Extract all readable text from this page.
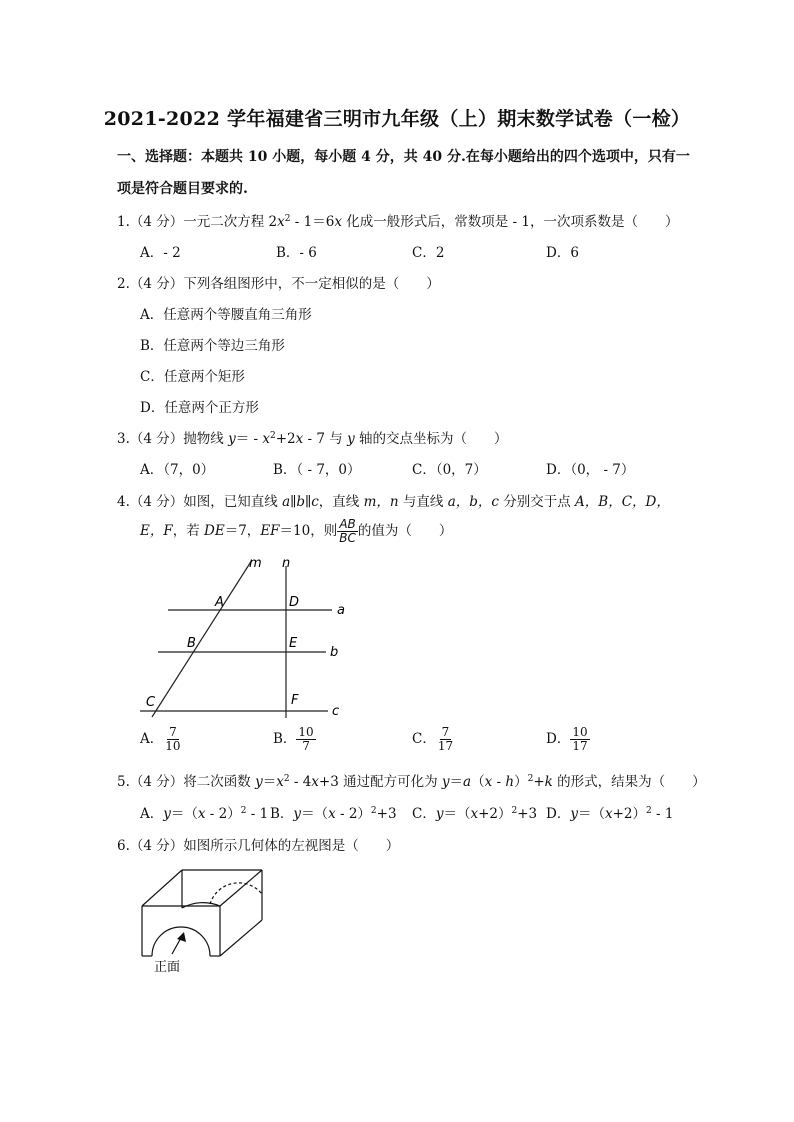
2021-2022 学年福建省三明市九年级（上）期末数学试卷（一检）
一、选择题：本题共 10 小题，每小题 4 分，共 40 分.在每小题给出的四个选项中，只有一
项是符合题目要求的.
1.（4 分）一元二次方程 $2x^2 - 1=6x$ 化成一般形式后，常数项是 - 1，一次项系数是（　　）
A．- 2	B．- 6	C．2	D．6
2.（4 分）下列各组图形中，不一定相似的是（　　）
A．任意两个等腰直角三角形
B．任意两个等边三角形
C．任意两个矩形
D．任意两个正方形
3.（4 分）抛物线 $y= - x^2+2x - 7$ 与 y 轴的交点坐标为（　　）
A．（7，0）	B．（ - 7，0）	C．（0，7）	D．（0， - 7）
4.（4 分）如图，已知直线 a∥b∥c，直线 m，n 与直线 a，b，c 分别交于点 A，B，C，D，
E，F，若 DE＝7，EF＝10，则 $\frac{AB}{BC}$ 的值为（　　）
m n
a
b
c
A
B
C
D
E
F
A． $\frac{7}{10}$	B． $\frac{10}{7}$	C． $\frac{7}{17}$	D． $\frac{10}{17}$
5.（4 分）将二次函数 $y=x^2 - 4x+3$ 通过配方可化为 y＝a（x - h）$^2$+k 的形式，结果为（　　）
A．y＝（x - 2）$^2$ - 1 B．y＝（x - 2）$^2$+3 C．$y=(x+2)^2+3$ D．$y=(x+2)^2 - 1$
6.（4 分）如图所示几何体的左视图是（　　）
正面
